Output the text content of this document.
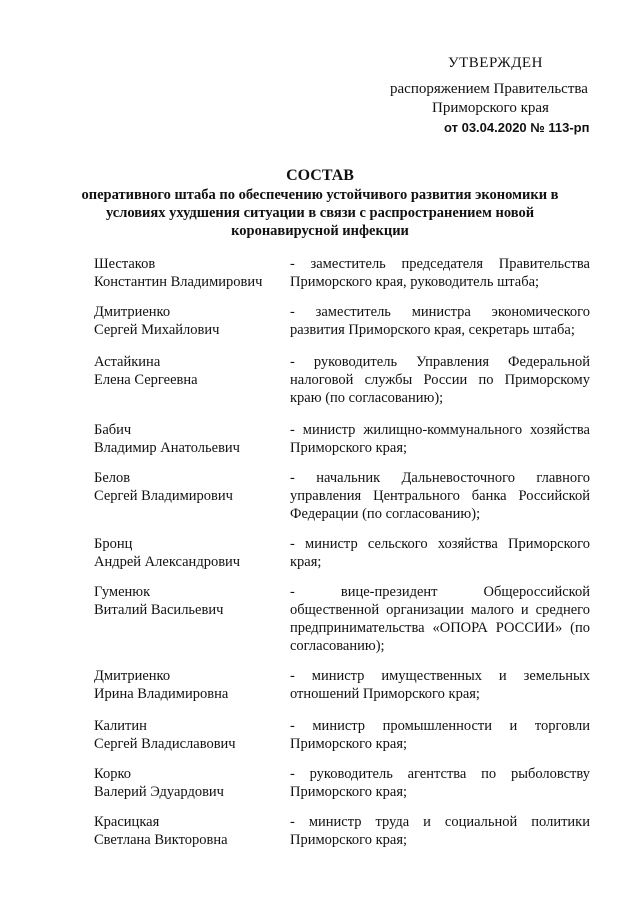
УТВЕРЖДЕН
распоряжением Правительства
Приморского края
от 03.04.2020 № 113-рп
СОСТАВ
оперативного штаба по обеспечению устойчивого развития экономики в условиях ухудшения ситуации в связи с распространением новой коронавирусной инфекции
Шестаков
Константин Владимирович
- заместитель председателя Правительства Приморского края, руководитель штаба;
Дмитриенко
Сергей Михайлович
- заместитель министра экономического развития Приморского края, секретарь штаба;
Астайкина
Елена Сергеевна
- руководитель Управления Федеральной налоговой службы России по Приморскому краю (по согласованию);
Бабич
Владимир Анатольевич
- министр жилищно-коммунального хозяйства Приморского края;
Белов
Сергей Владимирович
- начальник Дальневосточного главного управления Центрального банка Российской Федерации (по согласованию);
Бронц
Андрей Александрович
- министр сельского хозяйства Приморского края;
Гуменюк
Виталий Васильевич
- вице-президент Общероссийской общественной организации малого и среднего предпринимательства «ОПОРА РОССИИ» (по согласованию);
Дмитриенко
Ирина Владимировна
- министр имущественных и земельных отношений Приморского края;
Калитин
Сергей Владиславович
- министр промышленности и торговли Приморского края;
Корко
Валерий Эдуардович
- руководитель агентства по рыболовству Приморского края;
Красицкая
Светлана Викторовна
- министр труда и социальной политики Приморского края;
